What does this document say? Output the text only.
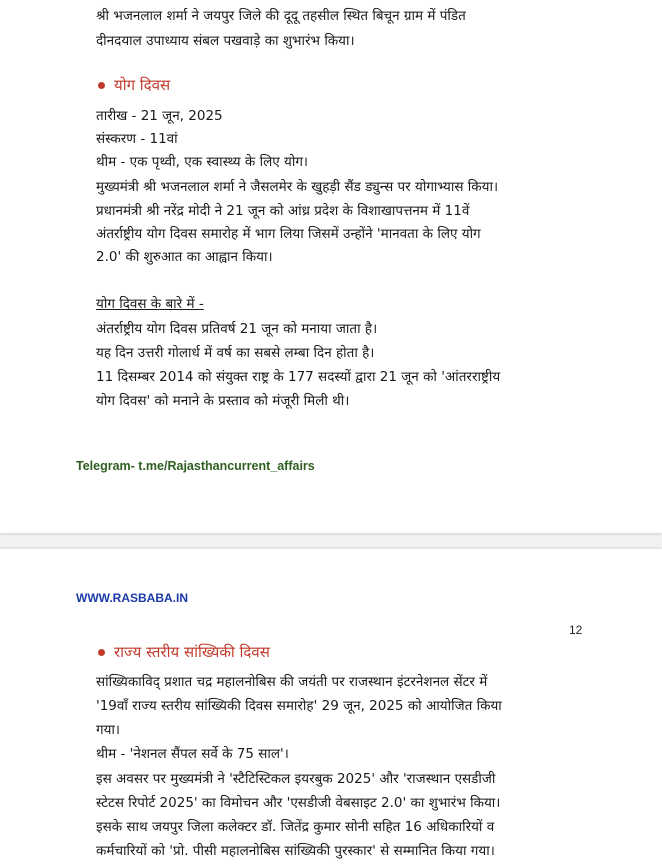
श्री भजनलाल शर्मा ने जयपुर जिले की दूदू तहसील स्थित बिचून ग्राम में पंडित
दीनदयाल उपाध्याय संबल पखवाड़े का शुभारंभ किया।
योग दिवस
तारीख - 21 जून, 2025
संस्करण - 11वां
थीम - एक पृथ्वी, एक स्वास्थ्य के लिए योग।
मुख्यमंत्री श्री भजनलाल शर्मा ने जैसलमेर के खुहड़ी सैंड ड्युन्स पर योगाभ्यास किया।
प्रधानमंत्री श्री नरेंद्र मोदी ने 21 जून को आंध्र प्रदेश के विशाखापत्तनम में 11वें
अंतर्राष्ट्रीय योग दिवस समारोह में भाग लिया जिसमें उन्होंने 'मानवता के लिए योग
2.0' की शुरुआत का आह्वान किया।
योग दिवस के बारे में -
अंतर्राष्ट्रीय योग दिवस प्रतिवर्ष 21 जून को मनाया जाता है।
यह दिन उत्तरी गोलार्ध में वर्ष का सबसे लम्बा दिन होता है।
11 दिसम्बर 2014 को संयुक्त राष्ट्र के 177 सदस्यों द्वारा 21 जून को 'आंतरराष्ट्रीय
योग दिवस' को मनाने के प्रस्ताव को मंजूरी मिली थी।
Telegram- t.me/Rajasthancurrent_affairs
WWW.RASBABA.IN
12
राज्य स्तरीय सांख्यिकी दिवस
सांख्यिकाविद् प्रशात चद्र महालनोबिस की जयंती पर राजस्थान इंटरनेशनल सेंटर में
'19वाँ राज्य स्तरीय सांख्यिकी दिवस समारोह' 29 जून, 2025 को आयोजित किया
गया।
थीम - 'नेशनल सैंपल सर्वे के 75 साल'।
इस अवसर पर मुख्यमंत्री ने 'स्टैटिस्टिकल इयरबुक 2025' और 'राजस्थान एसडीजी
स्टेटस रिपोर्ट 2025' का विमोचन और 'एसडीजी वेबसाइट 2.0' का शुभारंभ किया।
इसके साथ जयपुर जिला कलेक्टर डॉ. जितेंद्र कुमार सोनी सहित 16 अधिकारियों व
कर्मचारियों को 'प्रो. पीसी महालनोबिस सांख्यिकी पुरस्कार' से सम्मानित किया गया।
